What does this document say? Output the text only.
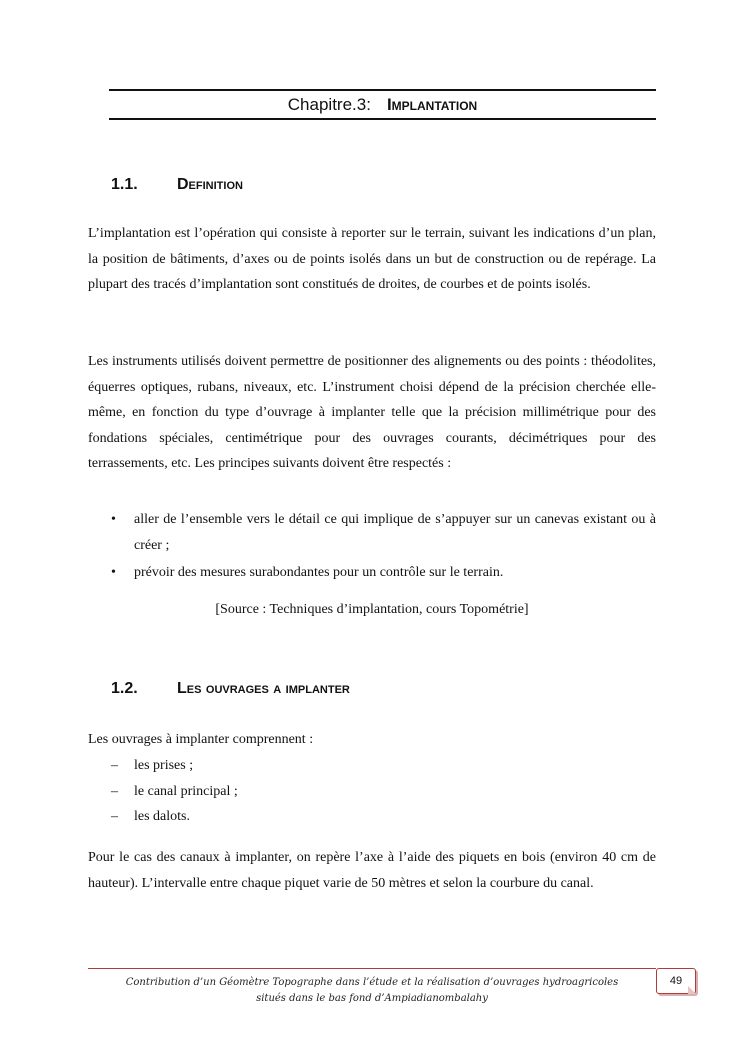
Chapitre.3: Implantation
1.1.	Definition

L’implantation est l’opération qui consiste à reporter sur le terrain, suivant les indications d’un plan, la position de bâtiments, d’axes ou de points isolés dans un but de construction ou de repérage. La plupart des tracés d’implantation sont constitués de droites, de courbes et de points isolés.

Les instruments utilisés doivent permettre de positionner des alignements ou des points : théodolites, équerres optiques, rubans, niveaux, etc. L’instrument choisi dépend de la précision cherchée elle-même, en fonction du type d’ouvrage à implanter telle que la précision millimétrique pour des fondations spéciales, centimétrique pour des ouvrages courants, décimétriques pour des terrassements, etc. Les principes suivants doivent être respectés :

• aller de l’ensemble vers le détail ce qui implique de s’appuyer sur un canevas existant ou à créer ;
• prévoir des mesures surabondantes pour un contrôle sur le terrain.
[Source : Techniques d’implantation, cours Topométrie]
1.2.	Les ouvrages a implanter

Les ouvrages à implanter comprennent :

– les prises ;
– le canal principal ;
– les dalots.

Pour le cas des canaux à implanter, on repère l’axe à l’aide des piquets en bois (environ 40 cm de hauteur). L’intervalle entre chaque piquet varie de 50 mètres et selon la courbure du canal.

Contribution d’un Géomètre Topographe dans l’étude et la réalisation d’ouvrages hydroagricoles situés dans le bas fond d’Ampiadianombalahy
49
